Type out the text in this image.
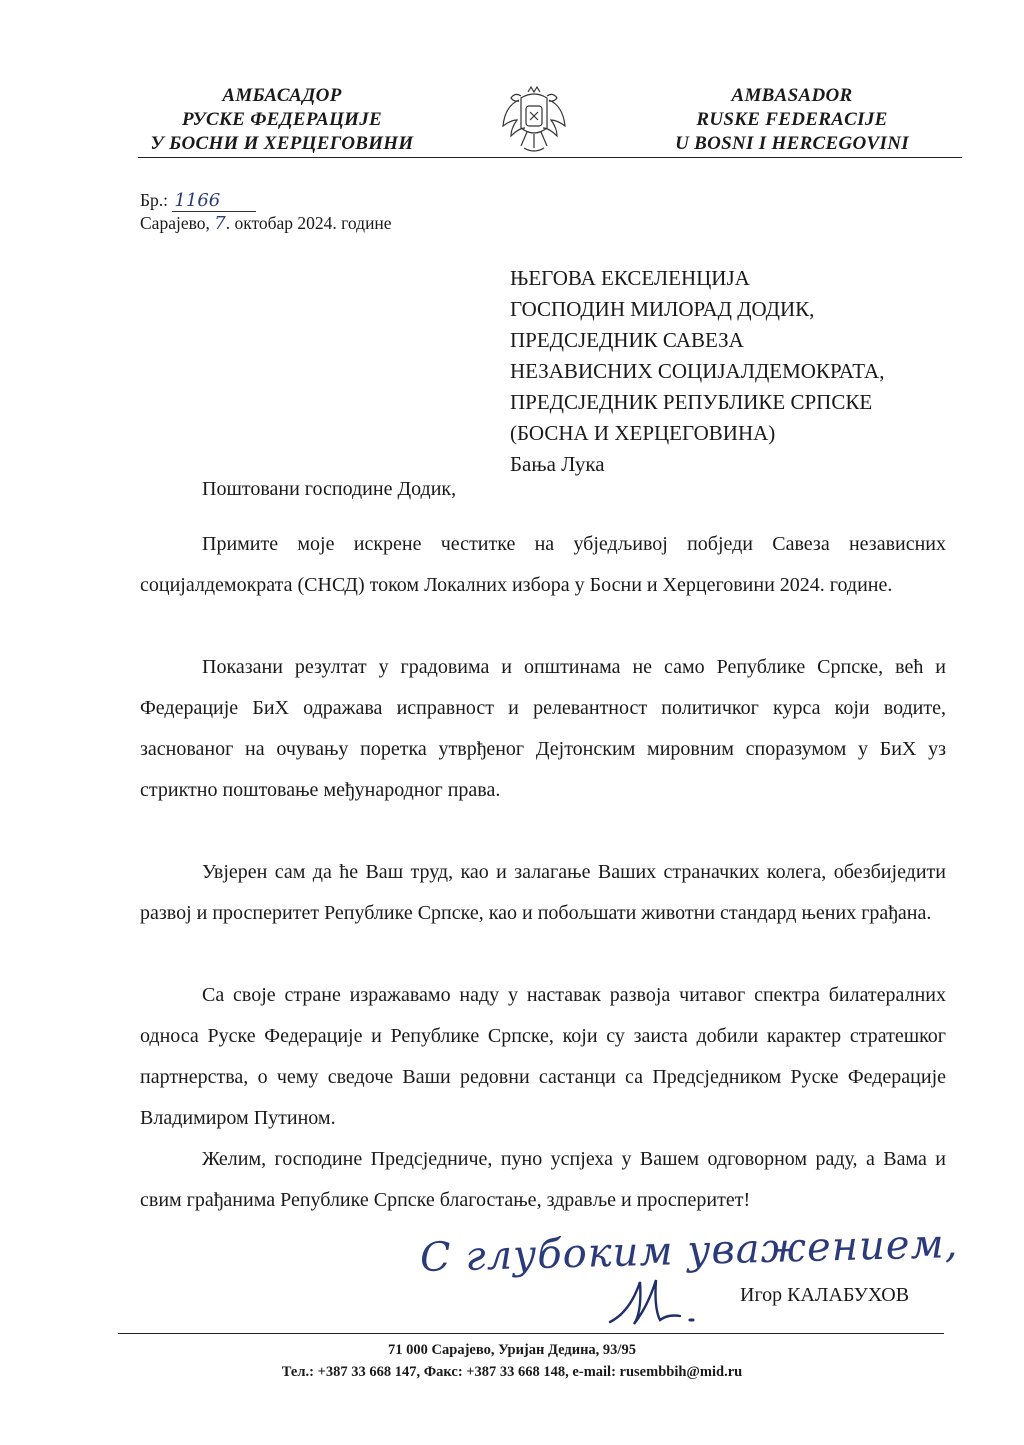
АМБАСАДОР
РУСКЕ ФЕДЕРАЦИЈЕ
У БОСНИ И ХЕРЦЕГОВИНИ
AMBASADOR
RUSKE FEDERACIJE
U BOSNI I HERCEGOVINI
Бр.: 1166
Сарајево, 7. октобар 2024. године
ЊЕГОВА ЕКСЕЛЕНЦИЈА
ГОСПОДИН МИЛОРАД ДОДИК,
ПРЕДСЈЕДНИК САВЕЗА
НЕЗАВИСНИХ СОЦИЈАЛДЕМОКРАТА,
ПРЕДСЈЕДНИК РЕПУБЛИКЕ СРПСКЕ
(БОСНА И ХЕРЦЕГОВИНА)
Бања Лука
Поштовани господине Додик,

Примите моје искрене честитке на убједљивој побједи Савеза независних социјалдемократа (СНСД) током Локалних избора у Босни и Херцеговини 2024. године.

Показани резултат у градовима и општинама не само Републике Српске, већ и Федерације БиХ одражава исправност и релевантност политичког курса који водите, заснованог на очувању поретка утврђеног Дејтонским мировним споразумом у БиХ уз стриктно поштовање међународног права.

Увјерен сам да ће Ваш труд, као и залагање Ваших страначких колега, обезбиједити развој и просперитет Републике Српске, као и побољшати животни стандард њених грађана.

Са своје стране изражавамо наду у наставак развоја читавог спектра билатералних односа Руске Федерације и Републике Српске, који су заиста добили карактер стратешког партнерства, о чему сведоче Ваши редовни састанци са Предсједником Руске Федерације Владимиром Путином.

Желим, господине Предсједниче, пуно успјеха у Вашем одговорном раду, а Вама и свим грађанима Републике Српске благостање, здравље и просперитет!

С глубоким уважением,
Игор КАЛАБУХОВ
71 000 Сарајево, Уријан Дедина, 93/95
Тел.: +387 33 668 147, Факс: +387 33 668 148, e-mail: rusembbih@mid.ru
